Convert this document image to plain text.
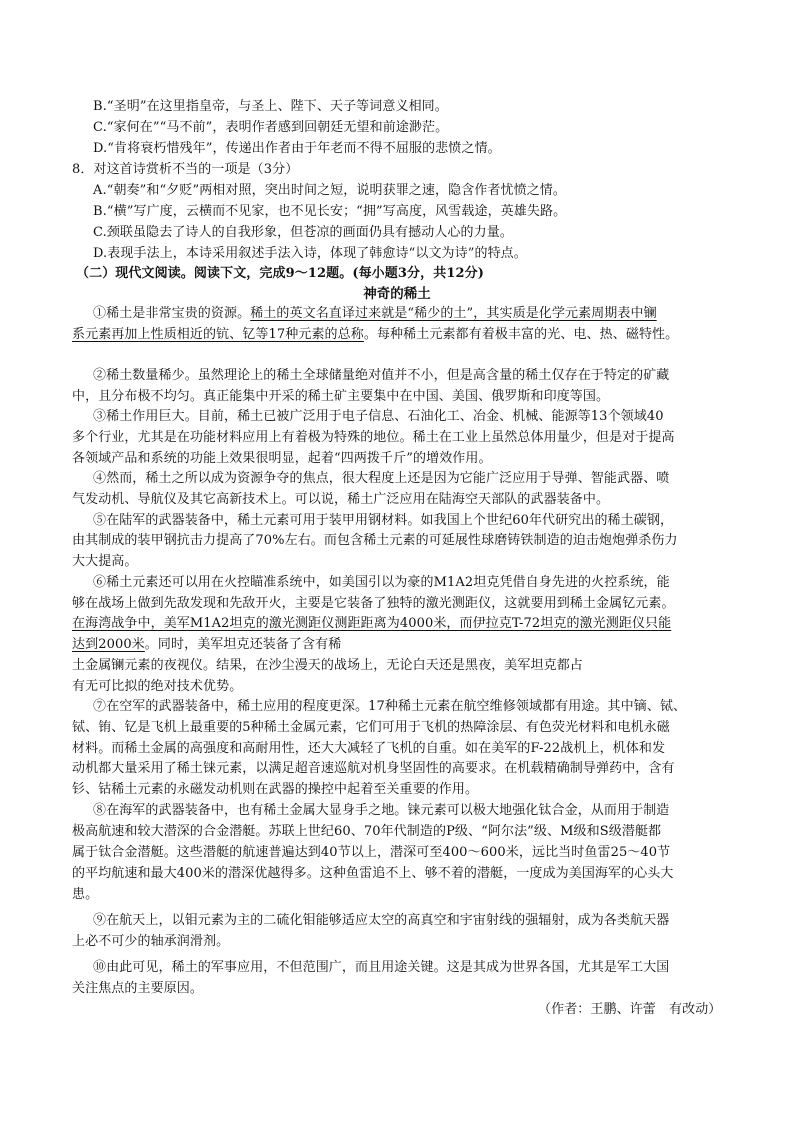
B.“圣明”在这里指皇帝，与圣上、陛下、天子等词意义相同。
C.“家何在”“马不前”，表明作者感到回朝廷无望和前途渺茫。
D.“肯将衰朽惜残年”，传递出作者由于年老而不得不屈服的悲愤之情。
8．对这首诗赏析不当的一项是（3分）
A.“朝奏”和“夕贬”两相对照，突出时间之短，说明获罪之速，隐含作者忧愤之情。
B.“横”写广度，云横而不见家，也不见长安；“拥”写高度，风雪载途，英雄失路。
C.颈联虽隐去了诗人的自我形象，但苍凉的画面仍具有撼动人心的力量。
D.表现手法上，本诗采用叙述手法入诗，体现了韩愈诗“以文为诗”的特点。
（二）现代文阅读。阅读下文，完成9～12题。(每小题3分，共12分)
神奇的稀土
①稀土是非常宝贵的资源。稀土的英文名直译过来就是“稀少的土”，其实质是化学元素周期表中镧
系元素再加上性质相近的钪、钇等17种元素的总称。每种稀土元素都有着极丰富的光、电、热、磁特性。
②稀土数量稀少。虽然理论上的稀土全球储量绝对值并不小，但是高含量的稀土仅存在于特定的矿藏
中，且分布极不均匀。真正能集中开采的稀土矿主要集中在中国、美国、俄罗斯和印度等国。
③稀土作用巨大。目前，稀土已被广泛用于电子信息、石油化工、冶金、机械、能源等13个领域40
多个行业，尤其是在功能材料应用上有着极为特殊的地位。稀土在工业上虽然总体用量少，但是对于提高
各领域产品和系统的功能上效果很明显，起着“四两拨千斤”的增效作用。
④然而，稀土之所以成为资源争夺的焦点，很大程度上还是因为它能广泛应用于导弹、智能武器、喷
气发动机、导航仪及其它高新技术上。可以说，稀土广泛应用在陆海空天部队的武器装备中。
⑤在陆军的武器装备中，稀土元素可用于装甲用钢材料。如我国上个世纪60年代研究出的稀土碳钢，
由其制成的装甲钢抗击力提高了70%左右。而包含稀土元素的可延展性球磨铸铁制造的迫击炮炮弹杀伤力
大大提高。
⑥稀土元素还可以用在火控瞄准系统中，如美国引以为豪的M1A2坦克凭借自身先进的火控系统，能
够在战场上做到先敌发现和先敌开火，主要是它装备了独特的激光测距仪，这就要用到稀土金属钇元素。
在海湾战争中，美军M1A2坦克的激光测距仪测距距离为4000米，而伊拉克T-72坦克的激光测距仪只能
达到2000米。同时，美军坦克还装备了含有稀
土金属镧元素的夜视仪。结果，在沙尘漫天的战场上，无论白天还是黑夜，美军坦克都占
有无可比拟的绝对技术优势。
⑦在空军的武器装备中，稀土应用的程度更深。17种稀土元素在航空维修领域都有用途。其中镝、铽、
铽、铕、钇是飞机上最重要的5种稀土金属元素，它们可用于飞机的热障涂层、有色荧光材料和电机永磁
材料。而稀土金属的高强度和高耐用性，还大大减轻了飞机的自重。如在美军的F-22战机上，机体和发
动机都大量采用了稀土铼元素，以满足超音速巡航对机身坚固性的高要求。在机载精确制导弹药中，含有
钐、钴稀土元素的永磁发动机则在武器的操控中起着至关重要的作用。
⑧在海军的武器装备中，也有稀土金属大显身手之地。铼元素可以极大地强化钛合金，从而用于制造
极高航速和较大潜深的合金潜艇。苏联上世纪60、70年代制造的P级、“阿尔法”级、M级和S级潜艇都
属于钛合金潜艇。这些潜艇的航速普遍达到40节以上，潜深可至400～600米，远比当时鱼雷25～40节
的平均航速和最大400米的潜深优越得多。这种鱼雷追不上、够不着的潜艇，一度成为美国海军的心头大
患。
⑨在航天上，以钼元素为主的二硫化钼能够适应太空的高真空和宇宙射线的强辐射，成为各类航天器
上必不可少的轴承润滑剂。
⑩由此可见，稀土的军事应用，不但范围广，而且用途关键。这是其成为世界各国，尤其是军工大国
关注焦点的主要原因。
（作者：王鹏、许蕾　有改动）
